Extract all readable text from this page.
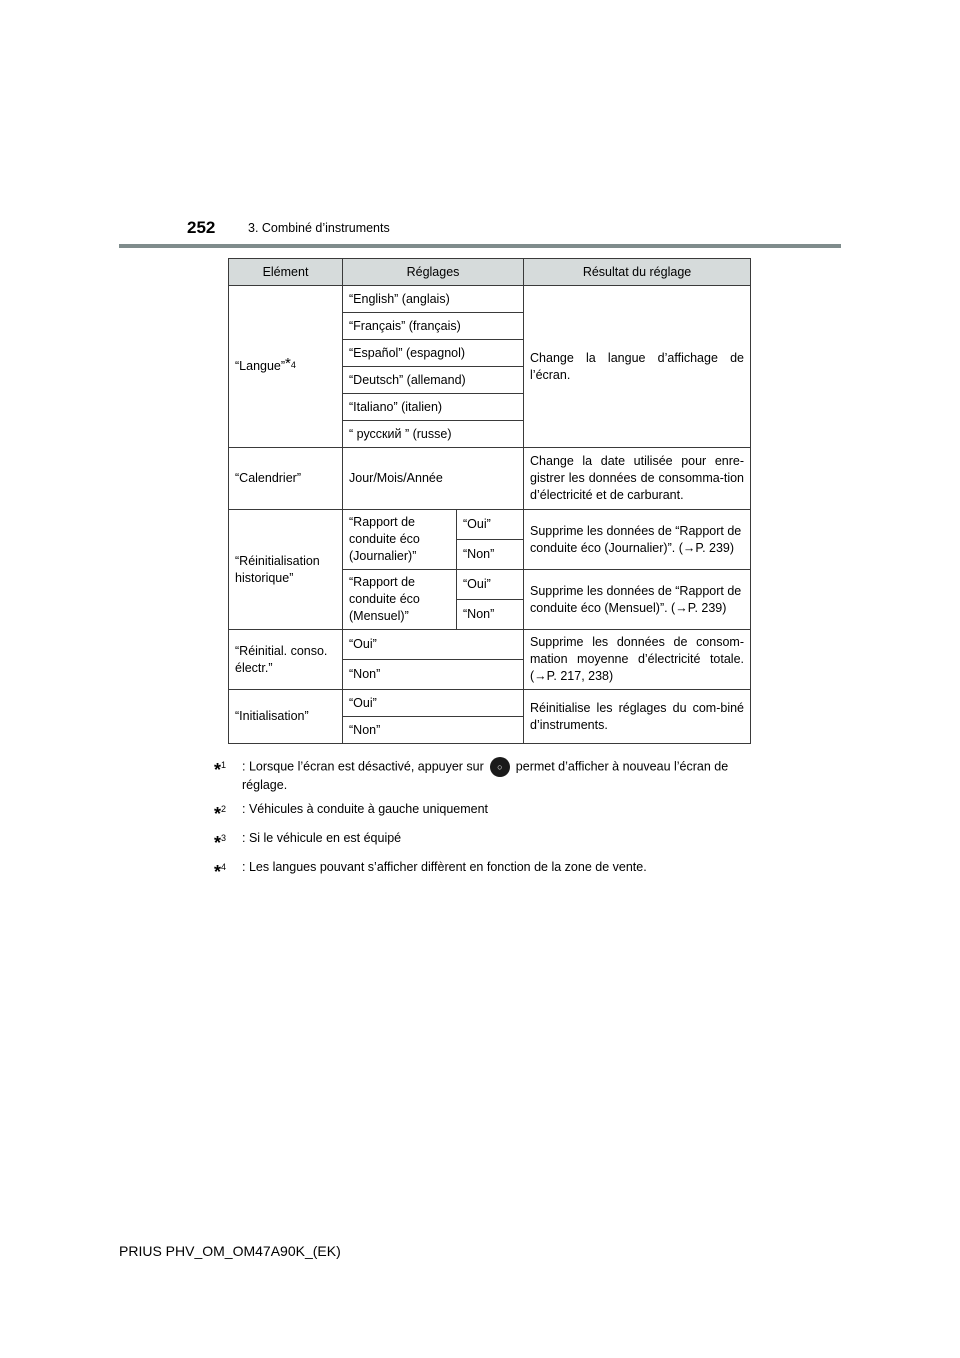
252	3. Combiné d’instruments
Elément	Réglages		Résultat du réglage
“Langue”$^{*4}$	“English” (anglais)		Change la langue d’affichage de l’écran.
	“Français” (français)		
	“Español” (espagnol)		
	“Deutsch” (allemand)		
	“Italiano” (italien)		
	“ русский ” (russe)		
“Calendrier”	Jour/Mois/Année		Change la date utilisée pour enre-gistrer les données de consomma-tion d’électricité et de carburant.
“Réinitialisation historique”	“Rapport de conduite éco (Journalier)”	“Oui”	Supprime les données de “Rapport de conduite éco (Journalier)”. (→P. 239)
		“Non”	
	“Rapport de conduite éco (Mensuel)”	“Oui”	Supprime les données de “Rapport de conduite éco (Mensuel)”. (→P. 239)
		“Non”	
“Réinitial. conso. électr.”	“Oui”		Supprime les données de consom-mation moyenne d’électricité totale. (→P. 217, 238)
	“Non”		
“Initialisation”	“Oui”		Réinitialise les réglages du com-biné d’instruments.
	“Non”		
*$^1$	: Lorsque l’écran est désactivé, appuyer sur ○ permet d’afficher à nouveau l’écran de réglage.
*$^2$	: Véhicules à conduite à gauche uniquement
*$^3$	: Si le véhicule en est équipé
*$^4$	: Les langues pouvant s’afficher diffèrent en fonction de la zone de vente.
PRIUS PHV_OM_OM47A90K_(EK)
